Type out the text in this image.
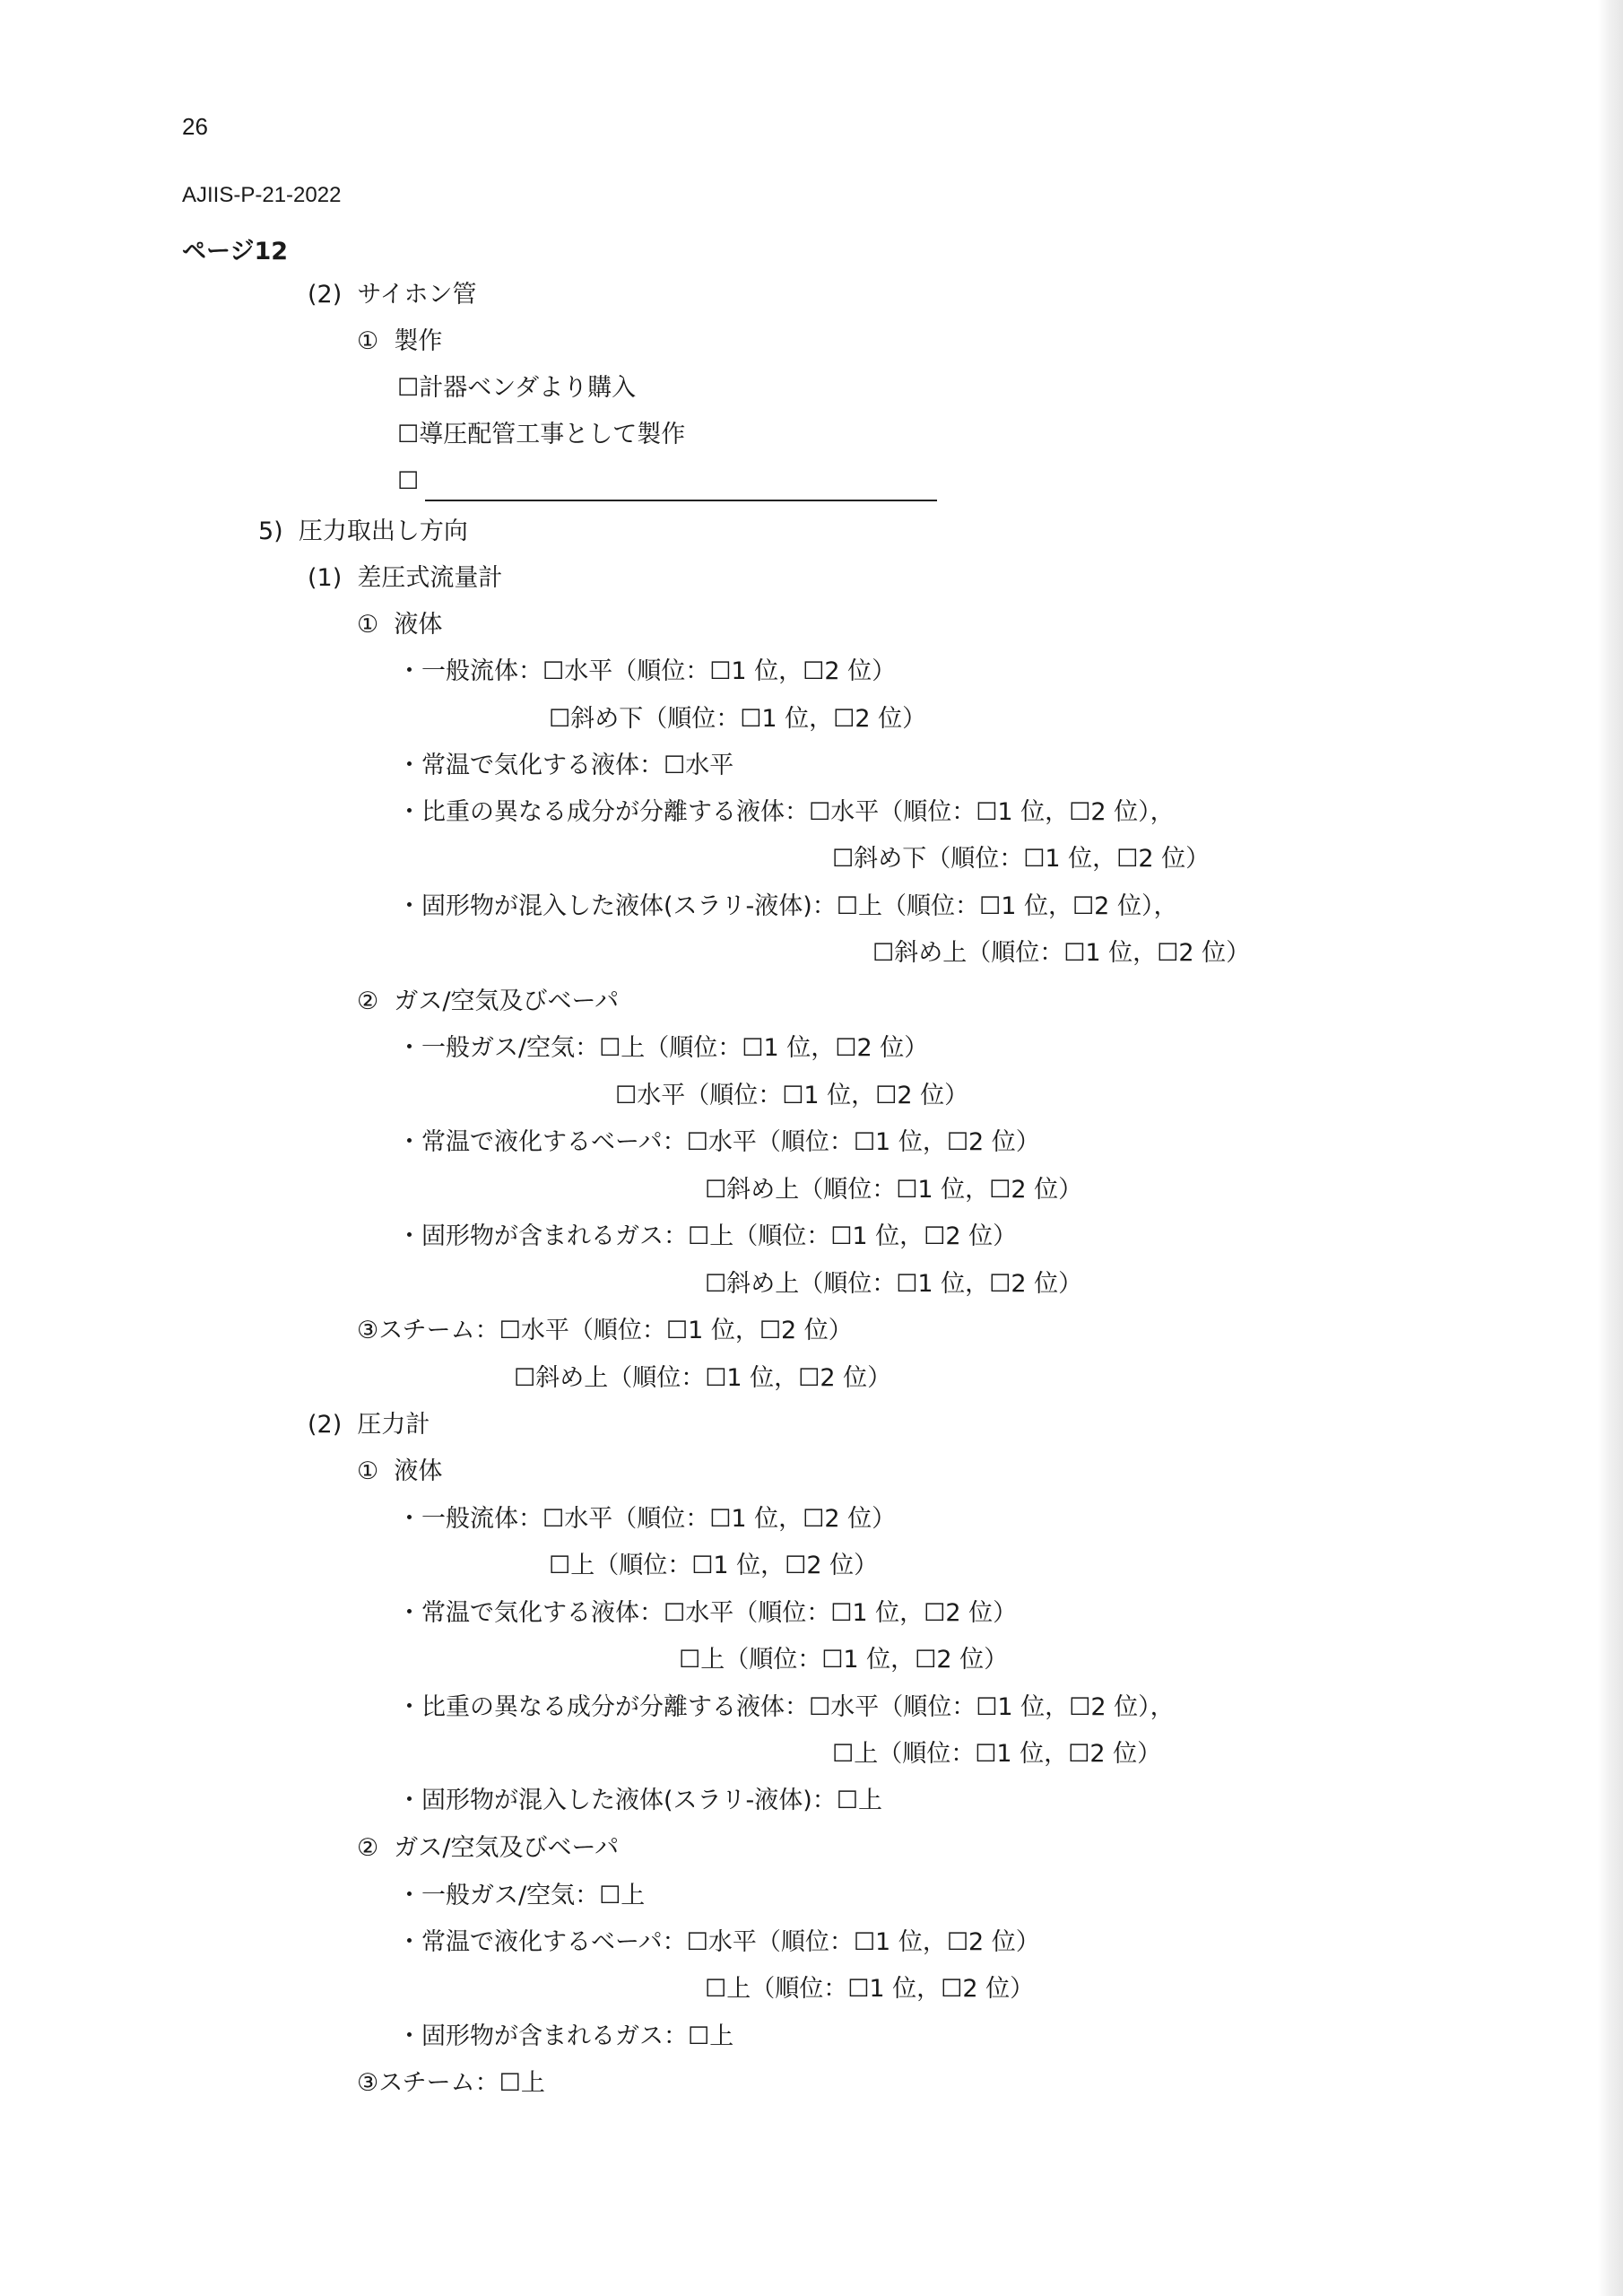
26
AJIIS-P-21-2022
ページ12
(2)  サイホン管
①  製作
☐計器ベンダより購入
☐導圧配管工事として製作
☐
5)  圧力取出し方向
(1)  差圧式流量計
①  液体
・一般流体：☐水平（順位：☐1 位，☐2 位）
☐斜め下（順位：☐1 位，☐2 位）
・常温で気化する液体：☐水平
・比重の異なる成分が分離する液体：☐水平（順位：☐1 位，☐2 位），
☐斜め下（順位：☐1 位，☐2 位）
・固形物が混入した液体(スラリ-液体)：☐上（順位：☐1 位，☐2 位），
☐斜め上（順位：☐1 位，☐2 位）
②  ガス/空気及びベーパ
・一般ガス/空気：☐上（順位：☐1 位，☐2 位）
☐水平（順位：☐1 位，☐2 位）
・常温で液化するベーパ：☐水平（順位：☐1 位，☐2 位）
☐斜め上（順位：☐1 位，☐2 位）
・固形物が含まれるガス：☐上（順位：☐1 位，☐2 位）
☐斜め上（順位：☐1 位，☐2 位）
③スチーム：☐水平（順位：☐1 位，☐2 位）
☐斜め上（順位：☐1 位，☐2 位）
(2)  圧力計
①  液体
・一般流体：☐水平（順位：☐1 位，☐2 位）
☐上（順位：☐1 位，☐2 位）
・常温で気化する液体：☐水平（順位：☐1 位，☐2 位）
☐上（順位：☐1 位，☐2 位）
・比重の異なる成分が分離する液体：☐水平（順位：☐1 位，☐2 位），
☐上（順位：☐1 位，☐2 位）
・固形物が混入した液体(スラリ-液体)：☐上
②  ガス/空気及びベーパ
・一般ガス/空気：☐上
・常温で液化するベーパ：☐水平（順位：☐1 位，☐2 位）
☐上（順位：☐1 位，☐2 位）
・固形物が含まれるガス：☐上
③スチーム：☐上
